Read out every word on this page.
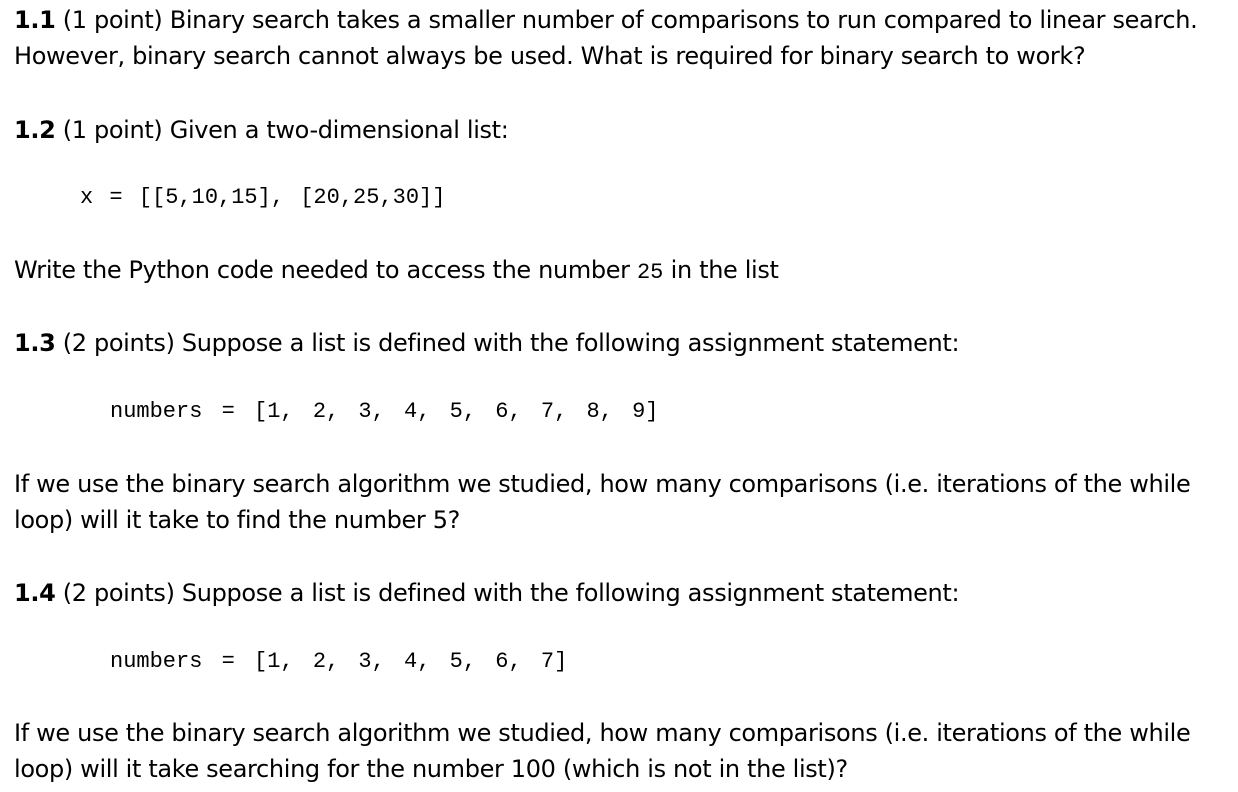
1.1 (1 point) Binary search takes a smaller number of comparisons to run compared to linear search.
However, binary search cannot always be used. What is required for binary search to work?
1.2 (1 point) Given a two-dimensional list:
x = [[5,10,15], [20,25,30]]
Write the Python code needed to access the number 25 in the list
1.3 (2 points) Suppose a list is defined with the following assignment statement:
numbers = [1, 2, 3, 4, 5, 6, 7, 8, 9]
If we use the binary search algorithm we studied, how many comparisons (i.e. iterations of the while
loop) will it take to find the number 5?
1.4 (2 points) Suppose a list is defined with the following assignment statement:
numbers = [1, 2, 3, 4, 5, 6, 7]
If we use the binary search algorithm we studied, how many comparisons (i.e. iterations of the while
loop) will it take searching for the number 100 (which is not in the list)?
